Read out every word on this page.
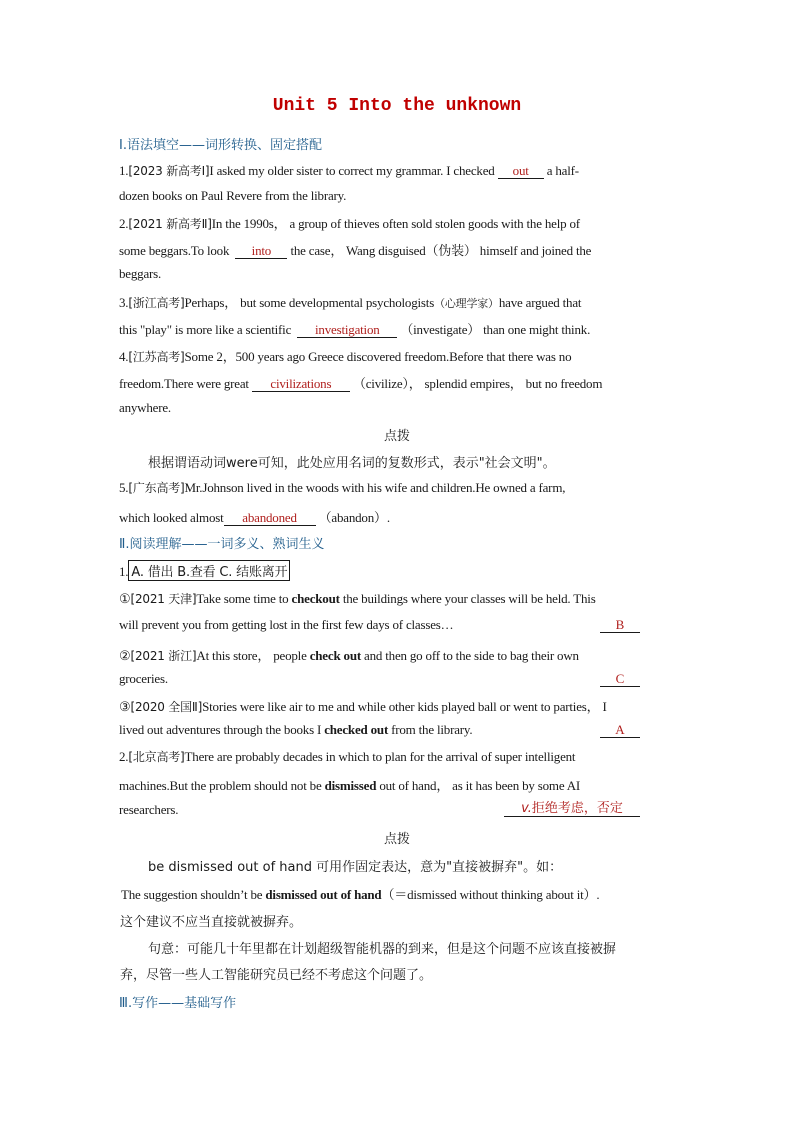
Unit 5 Into the unknown
Ⅰ.语法填空——词形转换、固定搭配
1.[2023 新高考Ⅰ]I asked my older sister to correct my grammar. I checked out a half-
dozen books on Paul Revere from the library.
2.[2021 新高考Ⅱ]In the 1990s， a group of thieves often sold stolen goods with the help of
some beggars.To look into the case， Wang disguised（伪装） himself and joined the
beggars.
3.[浙江高考]Perhaps， but some developmental psychologists（心理学家）have argued that
this "play" is more like a scientific investigation （investigate） than one might think.
4.[江苏高考]Some 2，500 years ago Greece discovered freedom.Before that there was no
freedom.There were great civilizations （civilize）， splendid empires， but no freedom
anywhere.
点拨
根据谓语动词were可知，此处应用名词的复数形式，表示"社会文明"。
5.[广东高考]Mr.Johnson lived in the woods with his wife and children.He owned a farm,
which looked almost abandoned （abandon）.
Ⅱ.阅读理解——一词多义、熟词生义
1. A. 借出 B.查看 C. 结账离开
①[2021 天津]Take some time to checkout the buildings where your classes will be held. This
will prevent you from getting lost in the first few days of classes…	B
②[2021 浙江]At this store， people check out and then go off to the side to bag their own
groceries.	C
③[2020 全国Ⅱ]Stories were like air to me and while other kids played ball or went to parties， I
lived out adventures through the books I checked out from the library.	A
2.[北京高考]There are probably decades in which to plan for the arrival of super intelligent
machines.But the problem should not be dismissed out of hand， as it has been by some AI
researchers.	v.拒绝考虑，否定
点拨
be dismissed out of hand 可用作固定表达，意为"直接被摒弃"。如：
The suggestion shouldn’t be dismissed out of hand（＝dismissed without thinking about it）.
这个建议不应当直接就被摒弃。
句意：可能几十年里都在计划超级智能机器的到来，但是这个问题不应该直接被摒
弃，尽管一些人工智能研究员已经不考虑这个问题了。
Ⅲ.写作——基础写作
